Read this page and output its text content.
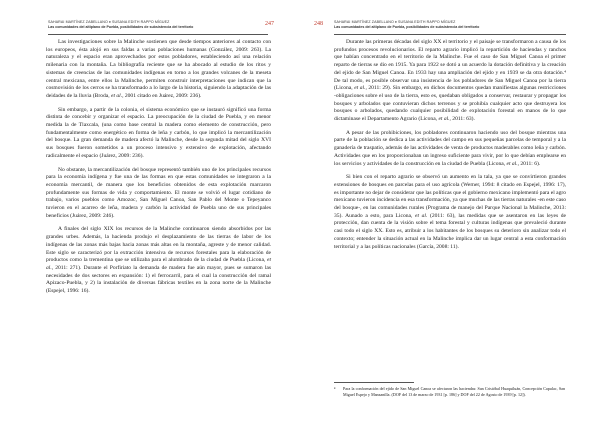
SAHARAI MARTÍNEZ ZABELLANO ♦ SUSANA EDITH RAPPO MÍGUEZ
Las comunidades del altiplano de Puebla, posibilidades de subsistencia del territorio	247

Las investigaciones sobre la Malinche sostienen que desde tiempos anteriores al contacto con los europeos, ésta alojó en sus faldas a varias poblaciones humanas (González, 2009: 263). La naturaleza y el espacio eran aprovechados por estos pobladores, estableciendo así una relación milenaria con la montaña. La bibliografía reciente que se ha abocado al estudio de los ritos y sistemas de creencias de las comunidades indígenas en torno a los grandes volcanes de la meseta central mexicana, entre ellos la Malinche, permiten construir interpretaciones que indican que la cosmovisión de los cerros se ha transformado a lo largo de la historia, siguiendo la adaptación de las deidades de la lluvia (Broda, et al., 2001 citado en Juárez, 2009: 236).

Sin embargo, a partir de la colonia, el sistema económico que se instauró significó una forma distinta de concebir y organizar el espacio. La preocupación de la ciudad de Puebla, y en menor medida la de Tlaxcala, (una como base central la madera como elemento de construcción, pero fundamentalmente como energético en forma de leña y carbón, lo que implicó la mercantilización del bosque. La gran demanda de madera afectó la Malinche, desde la segunda mitad del siglo XVI sus bosques fueron sometidos a un proceso intensivo y extensivo de explotación, afectando radicalmente el espacio (Juárez, 2009: 236).

No obstante, la mercantilización del bosque representó también uno de los principales recursos para la economía indígena y fue una de las formas en que estas comunidades se integraron a la economía mercantil, de manera que los beneficios obtenidos de esta explotación marcaron profundamente sus formas de vida y comportamiento. El monte se volvió el lugar cotidiano de trabajo, varios pueblos como Amozoc, San Miguel Canoa, San Pablo del Monte o Tepeyanco tuvieron en el acarreo de leña, madera y carbón la actividad de Puebla uno de sus principales beneficios (Juárez, 2009: 246).

A finales del siglo XIX los recursos de la Malinche continuaron siendo absorbidos por las grandes urbes. Además, la hacienda produjo el desplazamiento de las tierras de labor de los indígenas de las zonas más bajas hacia zonas más altas en la montaña, agreste y de menor calidad. Este siglo se caracterizó por la extracción intensiva de recursos forestales para la elaboración de productos como la trementina que se utilizaba para el alumbrado de la ciudad de Puebla (Licona, et al., 2011: 271). Durante el Porfiriato la demanda de madera fue aún mayor, pues se sumaron las necesidades de dos sectores en expansión: 1) el ferrocarril, para el cual la construcción del ramal Apizaco-Puebla, y 2) la instalación de diversas fábricas textiles en la zona norte de la Malinche (Espejel, 1996: 16).

248	SAHARAI MARTÍNEZ ZABELLANO ♦ SUSANA EDITH RAPPO MÍGUEZ
Las comunidades del altiplano de Puebla, posibilidades de subsistencia del territorio

Durante las primeras décadas del siglo XX el territorio y el paisaje se transformaron a causa de los profundos procesos revolucionarios. El reparto agrario implicó la repartición de haciendas y ranchos que habían concentrado en el territorio de la Malinche. Fue el caso de San Miguel Canoa el primer reparto de tierras se dio en 1915. Ya para 1922 se dotó a un acuerdo la dotación definitiva y la creación del ejido de San Miguel Canoa. En 1933 hay una ampliación del ejido y en 1939 se da otra dotación.⁴ De tal modo, es posible observar una insistencia de los pobladores de San Miguel Canoa por la tierra (Licona, et al., 2011: 29). Sin embargo, en dichos documentos quedan manifiestas algunas restricciones -obligaciones sobre el uso de la tierra, esto es, quedaban obligados a conservar, restaurar y propagar los bosques y arbolados que contuvieran dichos terrenos y se prohibía cualquier acto que destruyera los bosques o arbolados, quedando cualquier posibilidad de explotación forestal en manos de lo que dictaminase el Departamento Agrario (Licona, et al., 2011: 63).

A pesar de las prohibiciones, los pobladores continuaron haciendo uso del bosque mientras una parte de la población se dedica a las actividades del campo en sus pequeñas parcelas de temporal y a la ganadería de traspatio, además de las actividades de venta de productos maderables como leña y carbón. Actividades que en los proporcionaban un ingreso suficiente para vivir, por lo que debían emplearse en los servicios y actividades de la construcción en la ciudad de Puebla (Licona, et al., 2011: 6).

Si bien con el reparto agrario se observó un aumento en la tala, ya que se convirtieron grandes extensiones de bosques en parcelas para el uso agrícola (Werner, 1994: 8 citado en Espejel, 1996: 17), es importante no dejar de considerar que las políticas que el gobierno mexicano implementó para el agro mexicano tuvieron incidencia en esa transformación, ya que muchas de las tierras naturales -en este caso del bosque-, en las comunidades rurales (Programa de manejo del Parque Nacional la Malinche, 2013: 35). Aunado a esto, para Licona, et al. (2011: 63), las medidas que se asentaron en las leyes de protección, dan cuenta de la visión sobre el tema forestal y culturas indígenas que prevaleció durante casi todo el siglo XX. Esto es, atribuir a los habitantes de los bosques su deterioro sin analizar todo el contexto; entender la situación actual en la Malinche implica dar un lugar central a esta conformación territorial y a las políticas nacionales (García, 2008: 11).

⁴ Para la conformación del ejido de San Miguel Canoa se afectaron las haciendas: San Cristóbal Huaquiluán, Concepción Capulac, San Miguel Espejo y Manzanilla. (DOF del 13 de marzo de 1931 [p. 186] y DOF del 22 de Agosto de 1939 [p. 12]).
